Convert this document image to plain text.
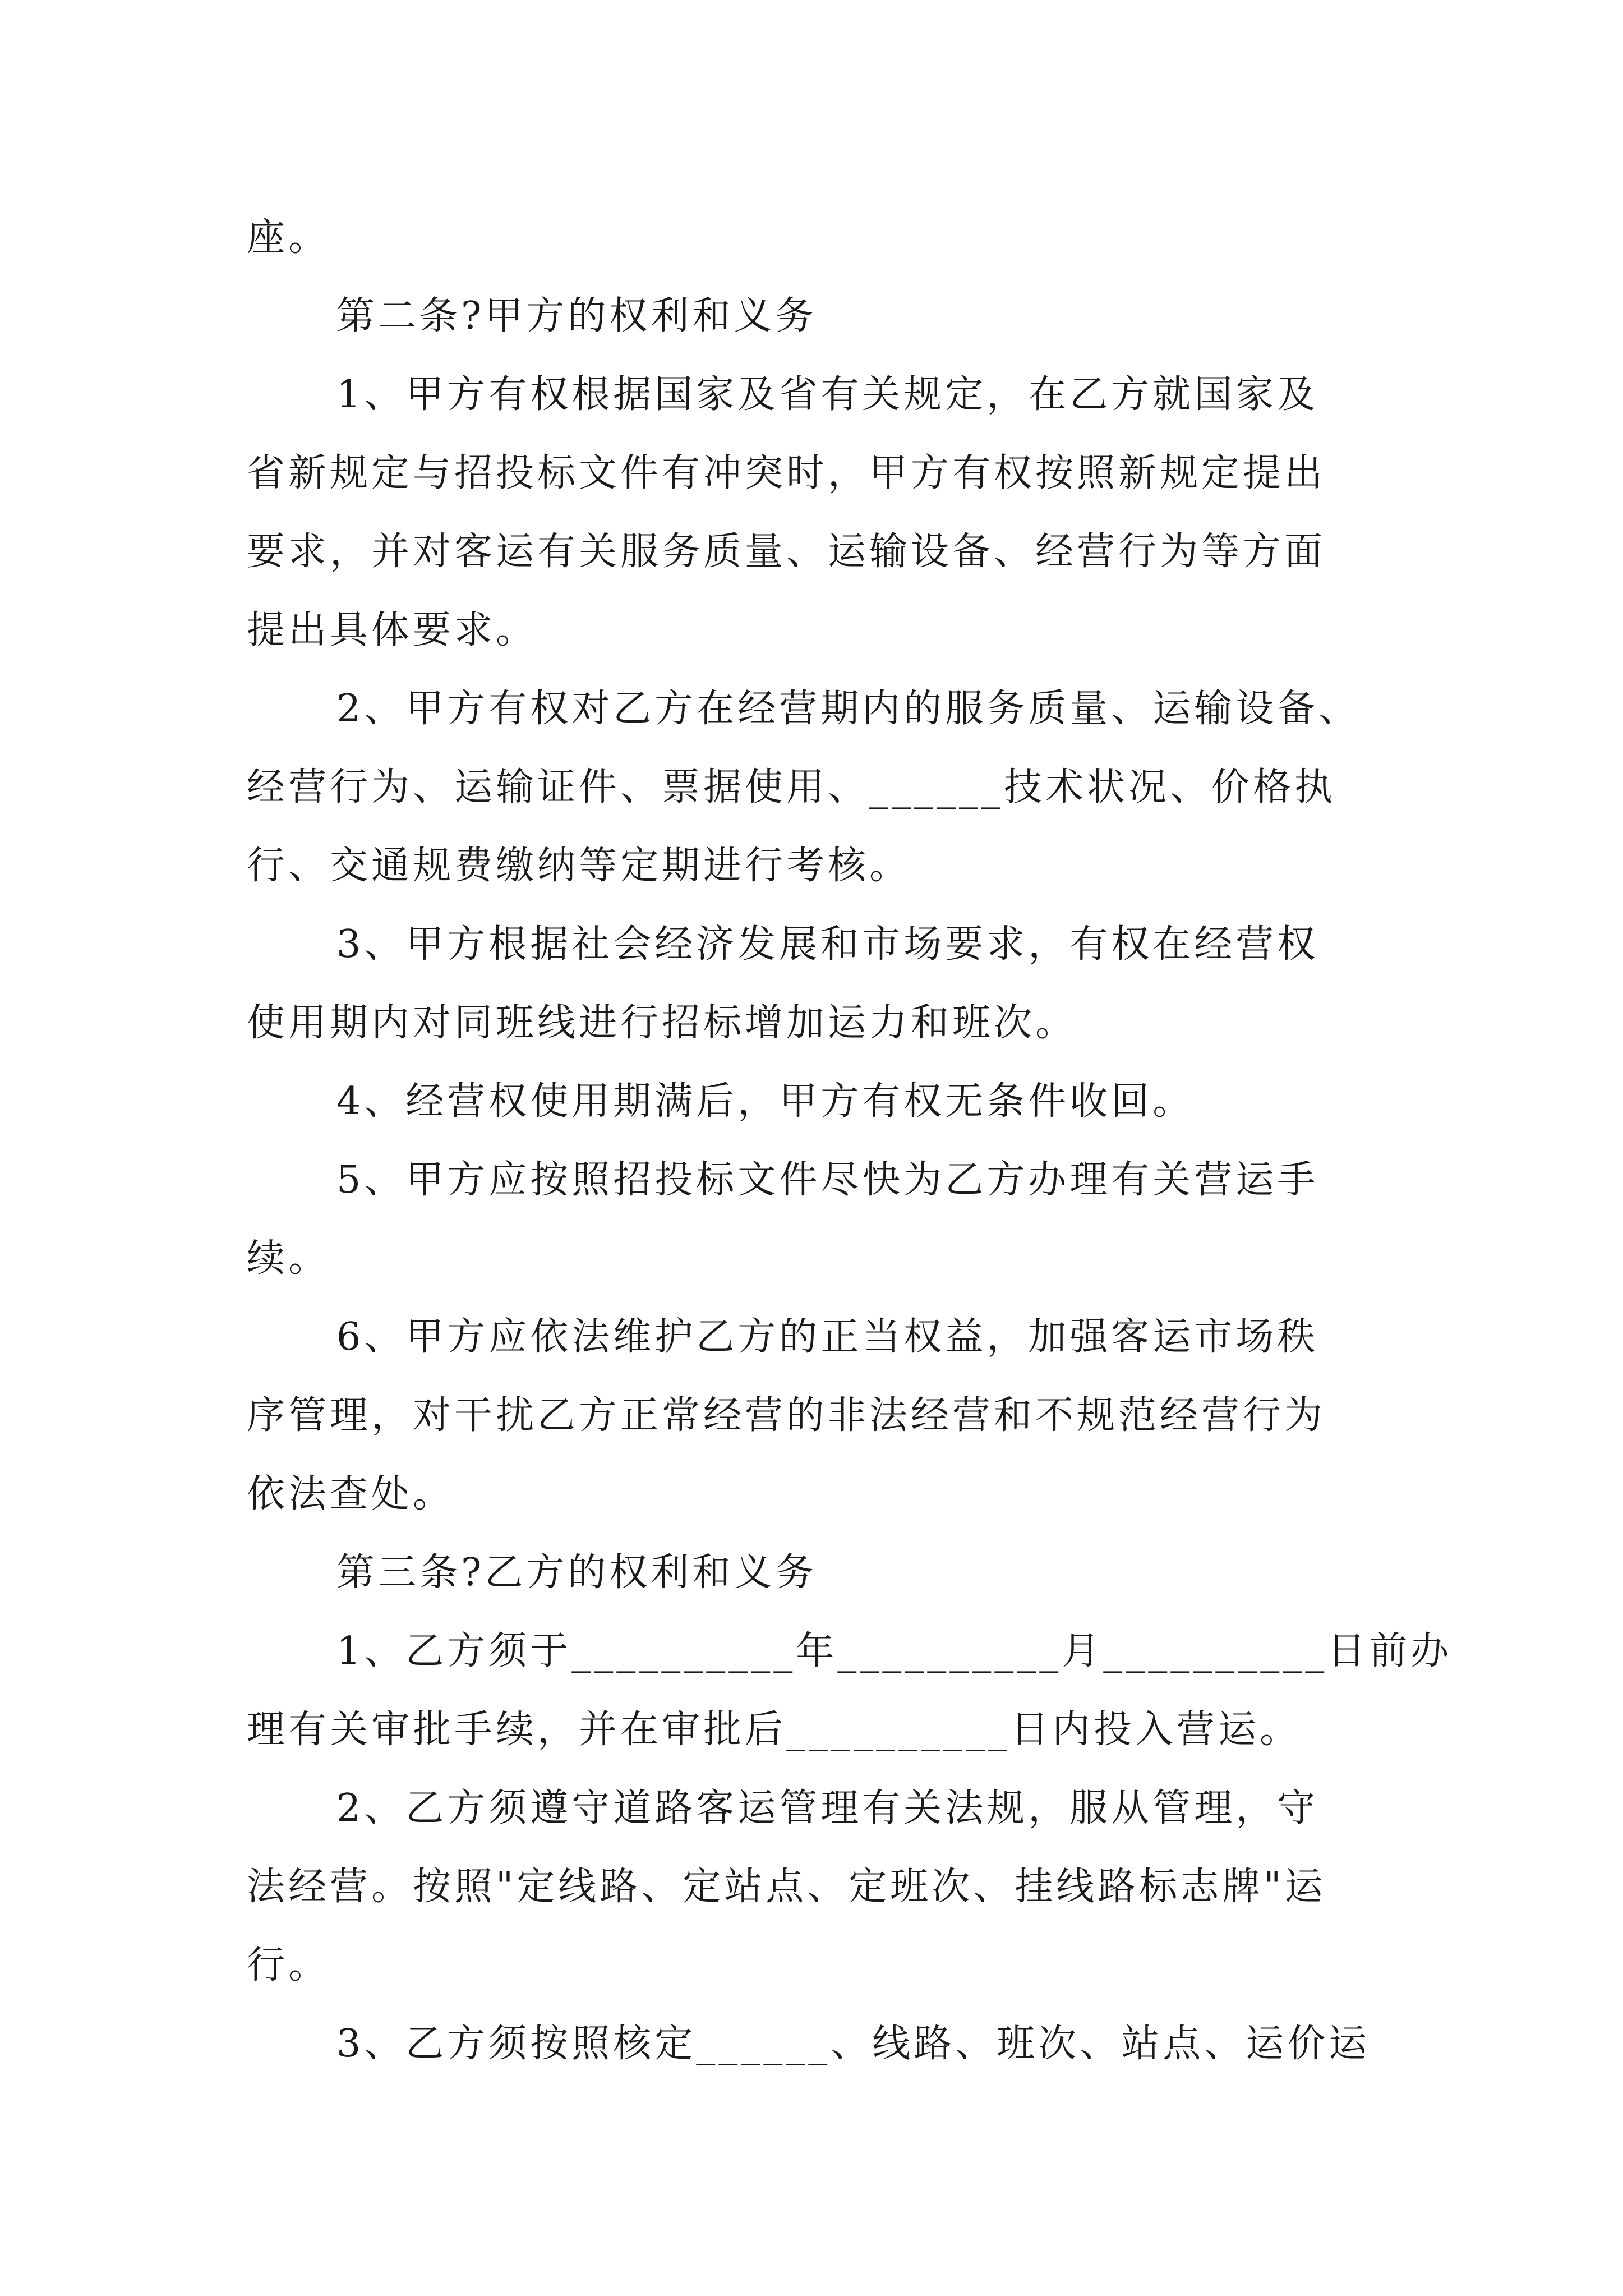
座。
第二条?甲方的权利和义务
1、甲方有权根据国家及省有关规定，在乙方就国家及
省新规定与招投标文件有冲突时，甲方有权按照新规定提出
要求，并对客运有关服务质量、运输设备、经营行为等方面
提出具体要求。
2、甲方有权对乙方在经营期内的服务质量、运输设备、
经营行为、运输证件、票据使用、______技术状况、价格执
行、交通规费缴纳等定期进行考核。
3、甲方根据社会经济发展和市场要求，有权在经营权
使用期内对同班线进行招标增加运力和班次。
4、经营权使用期满后，甲方有权无条件收回。
5、甲方应按照招投标文件尽快为乙方办理有关营运手
续。
6、甲方应依法维护乙方的正当权益，加强客运市场秩
序管理，对干扰乙方正常经营的非法经营和不规范经营行为
依法查处。
第三条?乙方的权利和义务
1、乙方须于__________年__________月__________日前办
理有关审批手续，并在审批后__________日内投入营运。
2、乙方须遵守道路客运管理有关法规，服从管理，守
法经营。按照"定线路、定站点、定班次、挂线路标志牌"运
行。
3、乙方须按照核定______、线路、班次、站点、运价运
